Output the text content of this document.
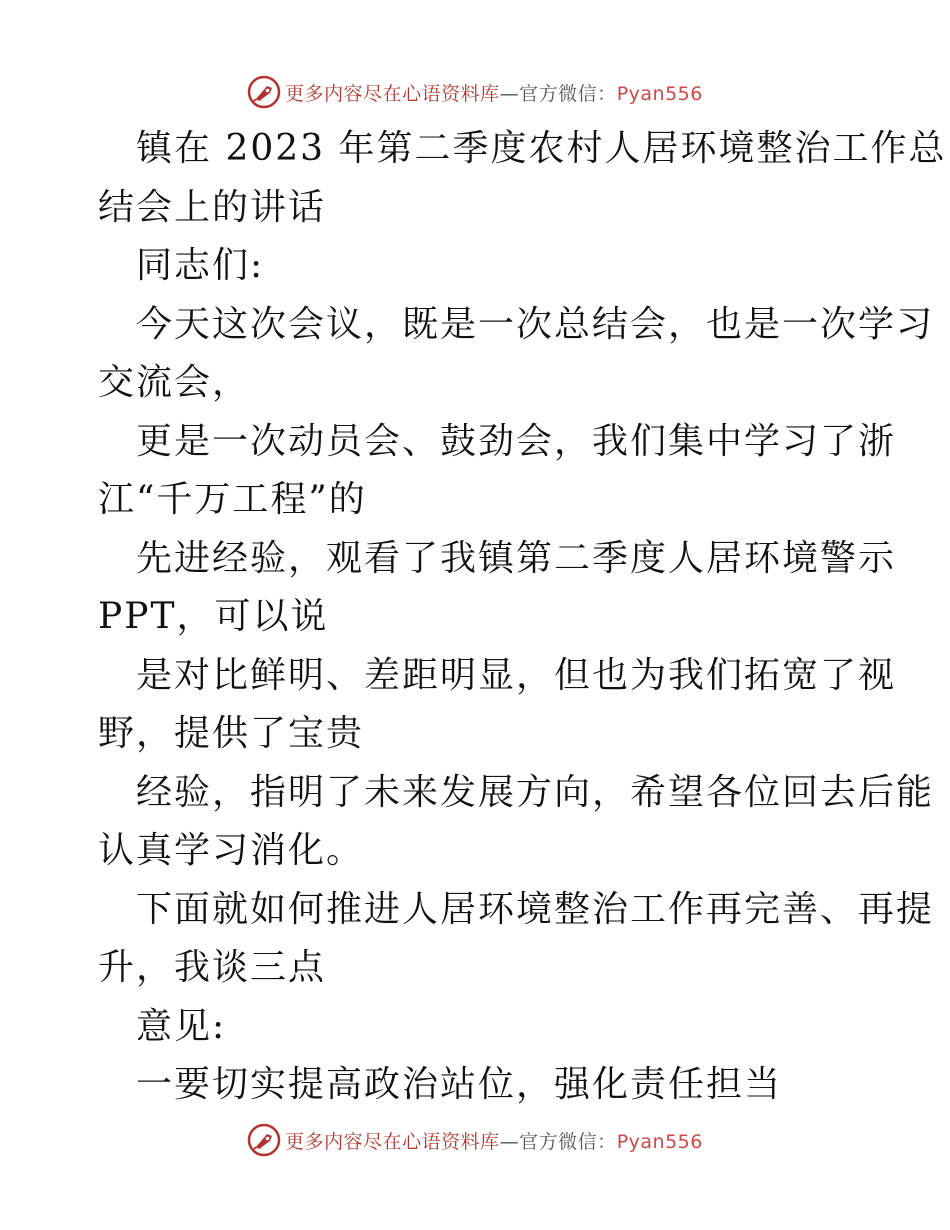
更多内容尽在心语资料库—官方微信：Pyan556
镇在 2023 年第二季度农村人居环境整治工作总
结会上的讲话
同志们:
今天这次会议，既是一次总结会，也是一次学习
交流会，
更是一次动员会、鼓劲会，我们集中学习了浙
江“千万工程”的
先进经验，观看了我镇第二季度人居环境警示
PPT，可以说
是对比鲜明、差距明显，但也为我们拓宽了视
野，提供了宝贵
经验，指明了未来发展方向，希望各位回去后能
认真学习消化。
下面就如何推进人居环境整治工作再完善、再提
升，我谈三点
意见:
一要切实提高政治站位，强化责任担当
更多内容尽在心语资料库—官方微信：Pyan556
